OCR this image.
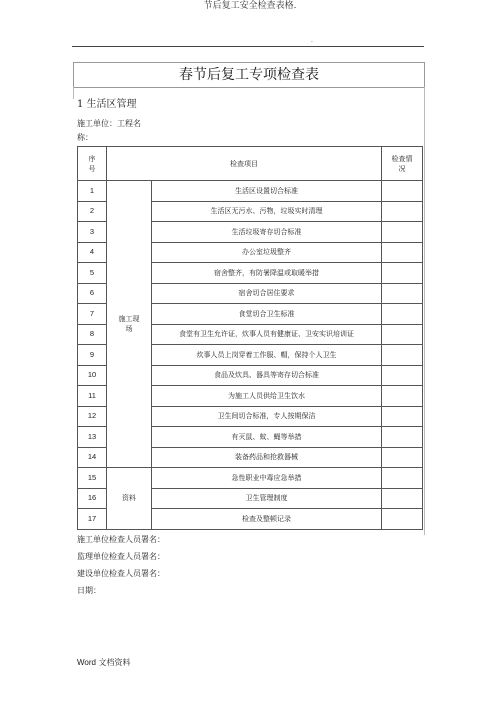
节后复工安全检查表格.
.
春节后复工专项检查表
1 生活区管理
施工单位：工程名
称：
序
号	检查项目		检查情
况
1	施工现
场	生活区设置切合标准	
2		生活区无污水、污物，垃圾实时清理	
3		生活垃圾寄存切合标准	
4		办公室垃圾整齐	
5		宿舍整齐，有防暑降温或取暖举措	
6		宿舍切合居住要求	
7		食堂切合卫生标准	
8		食堂有卫生允许证，炊事人员有健康证、卫安实识培训证	
9		炊事人员上岗穿着工作服、帽，保持个人卫生	
10		食品及炊具、器具等寄存切合标准	
11		为施工人员供给卫生饮水	
12		卫生间切合标准，专人按期保洁	
13		有灭鼠、蚊、蝇等举措	
14		装备药品和抢救器械	
15	资料	急性职业中毒应急举措	
16		卫生管理制度	
17		检查及整顿记录	
施工单位检查人员署名：
监理单位检查人员署名：
建设单位检查人员署名：
日期：
Word 文档资料
